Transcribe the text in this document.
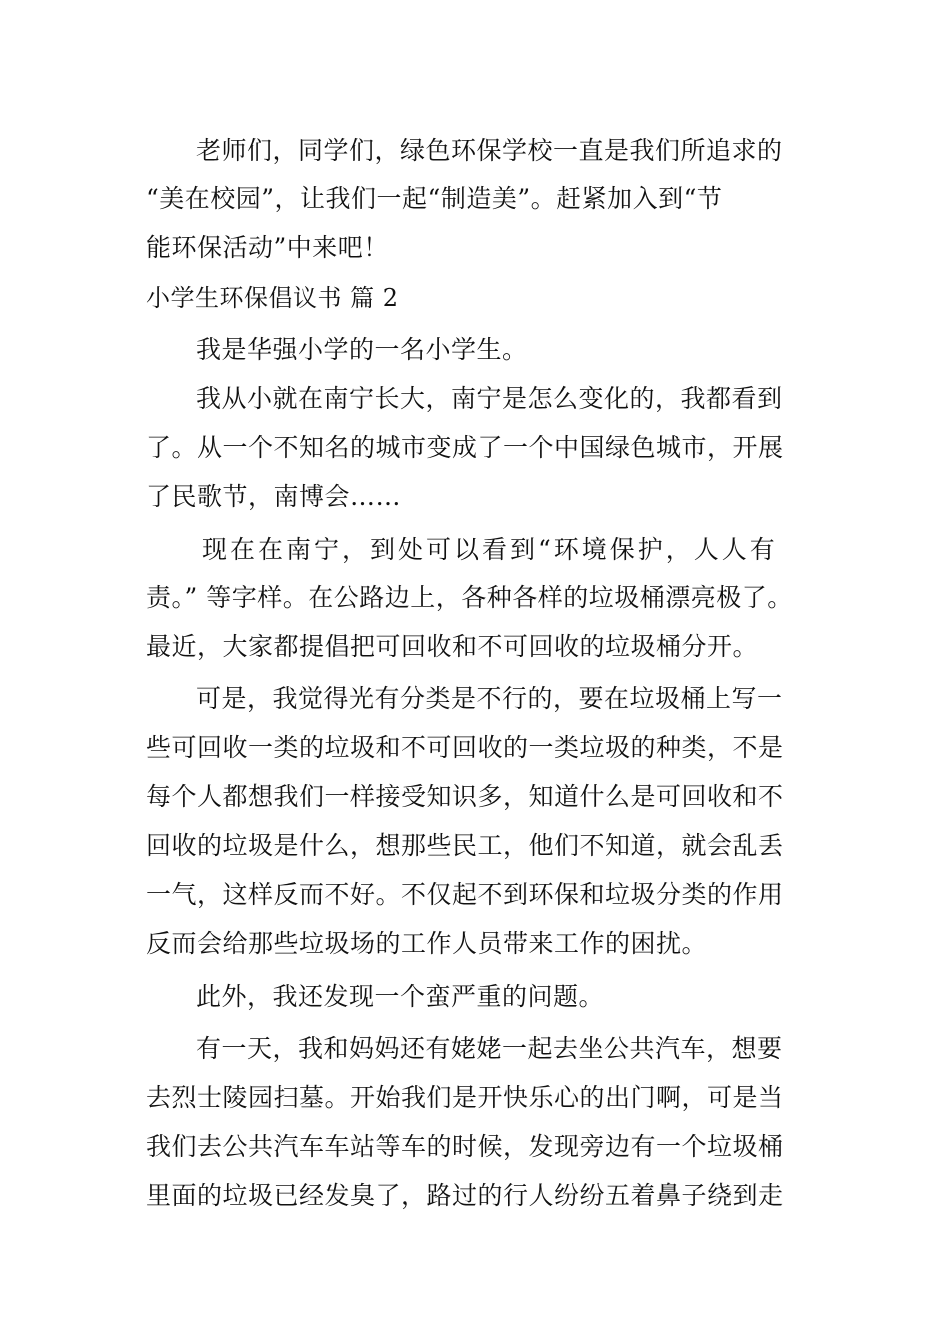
老师们，同学们，绿色环保学校一直是我们所追求的
“美在校园”，让我们一起“制造美”。赶紧加入到“节
能环保活动”中来吧！
小学生环保倡议书 篇 2
我是华强小学的一名小学生。
我从小就在南宁长大，南宁是怎么变化的，我都看到
了。从一个不知名的城市变成了一个中国绿色城市，开展
了民歌节，南博会……
现在在南宁，到处可以看到“环境保护，人人有
责。” 等字样。在公路边上，各种各样的垃圾桶漂亮极了。
最近，大家都提倡把可回收和不可回收的垃圾桶分开。
可是，我觉得光有分类是不行的，要在垃圾桶上写一
些可回收一类的垃圾和不可回收的一类垃圾的种类，不是
每个人都想我们一样接受知识多，知道什么是可回收和不
回收的垃圾是什么，想那些民工，他们不知道，就会乱丢
一气，这样反而不好。不仅起不到环保和垃圾分类的作用
反而会给那些垃圾场的工作人员带来工作的困扰。
此外，我还发现一个蛮严重的问题。
有一天，我和妈妈还有姥姥一起去坐公共汽车，想要
去烈士陵园扫墓。开始我们是开快乐心的出门啊，可是当
我们去公共汽车车站等车的时候，发现旁边有一个垃圾桶
里面的垃圾已经发臭了，路过的行人纷纷五着鼻子绕到走
